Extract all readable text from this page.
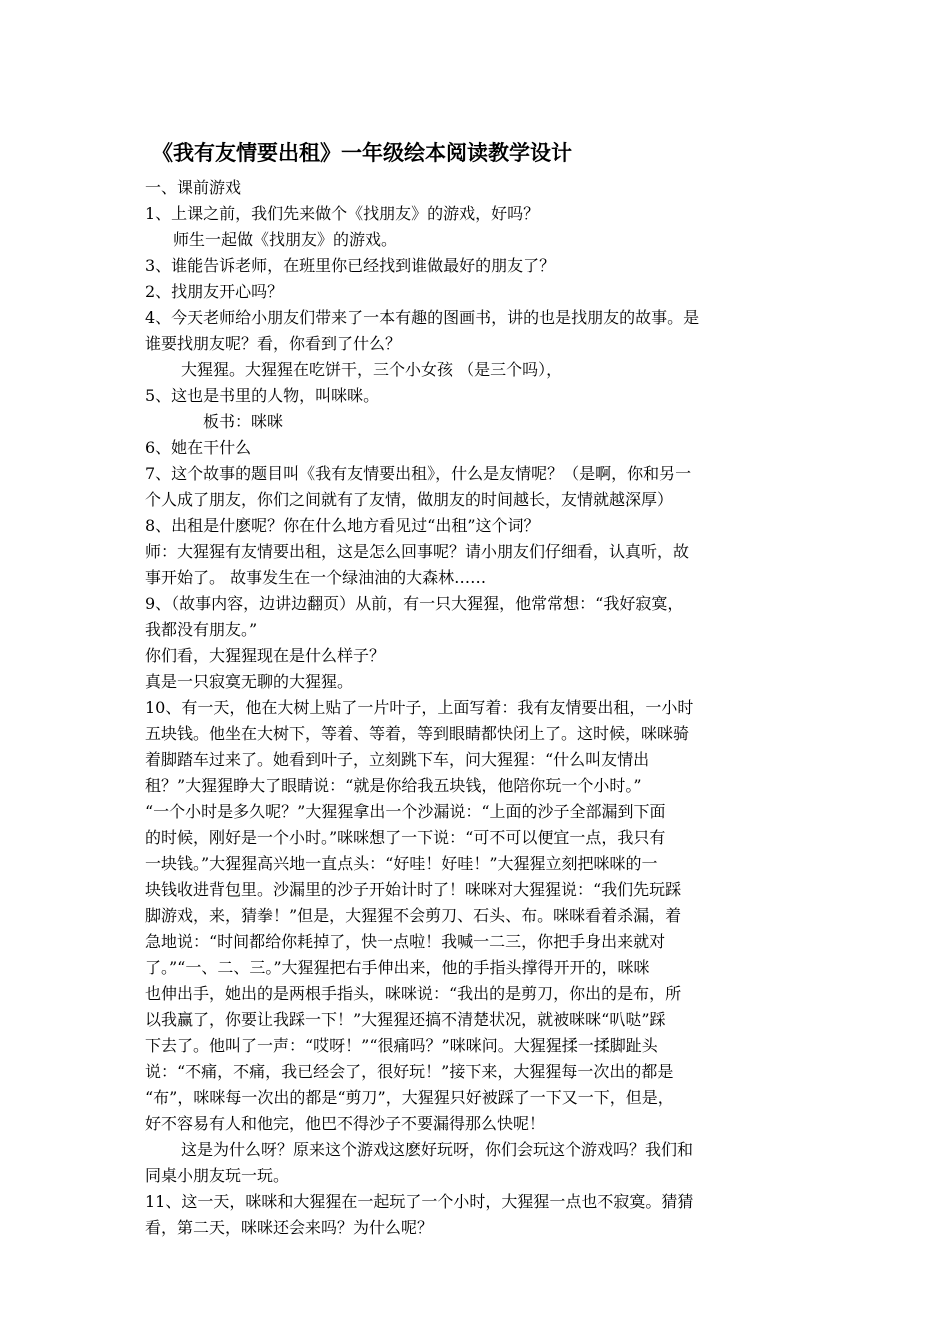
《我有友情要出租》一年级绘本阅读教学设计
一、课前游戏
1、上课之前，我们先来做个《找朋友》的游戏，好吗？
师生一起做《找朋友》的游戏。
3、谁能告诉老师，在班里你已经找到谁做最好的朋友了？
2、找朋友开心吗？
4、今天老师给小朋友们带来了一本有趣的图画书，讲的也是找朋友的故事。是
谁要找朋友呢？看，你看到了什么？
大猩猩。大猩猩在吃饼干，三个小女孩 （是三个吗），
5、这也是书里的人物，叫咪咪。
板书：咪咪
6、她在干什么
7、这个故事的题目叫《我有友情要出租》，什么是友情呢？（是啊，你和另一
个人成了朋友，你们之间就有了友情，做朋友的时间越长，友情就越深厚）
8、出租是什麽呢？你在什么地方看见过“出租”这个词？
师：大猩猩有友情要出租，这是怎么回事呢？请小朋友们仔细看，认真听，故
事开始了。 故事发生在一个绿油油的大森林……
9、（故事内容，边讲边翻页）从前，有一只大猩猩，他常常想：“我好寂寞，
我都没有朋友。”
你们看，大猩猩现在是什么样子？
真是一只寂寞无聊的大猩猩。
10、有一天，他在大树上贴了一片叶子，上面写着：我有友情要出租，一小时
五块钱。他坐在大树下，等着、等着，等到眼睛都快闭上了。这时候，咪咪骑
着脚踏车过来了。她看到叶子，立刻跳下车，问大猩猩：“什么叫友情出
租？”大猩猩睁大了眼睛说：“就是你给我五块钱，他陪你玩一个小时。”
“一个小时是多久呢？”大猩猩拿出一个沙漏说：“上面的沙子全部漏到下面
的时候，刚好是一个小时。”咪咪想了一下说：“可不可以便宜一点，我只有
一块钱。”大猩猩高兴地一直点头：“好哇！好哇！”大猩猩立刻把咪咪的一
块钱收进背包里。沙漏里的沙子开始计时了！咪咪对大猩猩说：“我们先玩踩
脚游戏，来，猜拳！”但是，大猩猩不会剪刀、石头、布。咪咪看着杀漏，着
急地说：“时间都给你耗掉了，快一点啦！我喊一二三，你把手身出来就对
了。”“一、二、三。”大猩猩把右手伸出来，他的手指头撑得开开的，咪咪
也伸出手，她出的是两根手指头，咪咪说：“我出的是剪刀，你出的是布，所
以我赢了，你要让我踩一下！”大猩猩还搞不清楚状况，就被咪咪“叭哒”踩
下去了。他叫了一声：“哎呀！”“很痛吗？”咪咪问。大猩猩揉一揉脚趾头
说：“不痛，不痛，我已经会了，很好玩！”接下来，大猩猩每一次出的都是
“布”，咪咪每一次出的都是“剪刀”，大猩猩只好被踩了一下又一下，但是，
好不容易有人和他完，他巴不得沙子不要漏得那么快呢！
这是为什么呀？原来这个游戏这麽好玩呀，你们会玩这个游戏吗？我们和
同桌小朋友玩一玩。
11、这一天，咪咪和大猩猩在一起玩了一个小时，大猩猩一点也不寂寞。猜猜
看，第二天，咪咪还会来吗？为什么呢？
